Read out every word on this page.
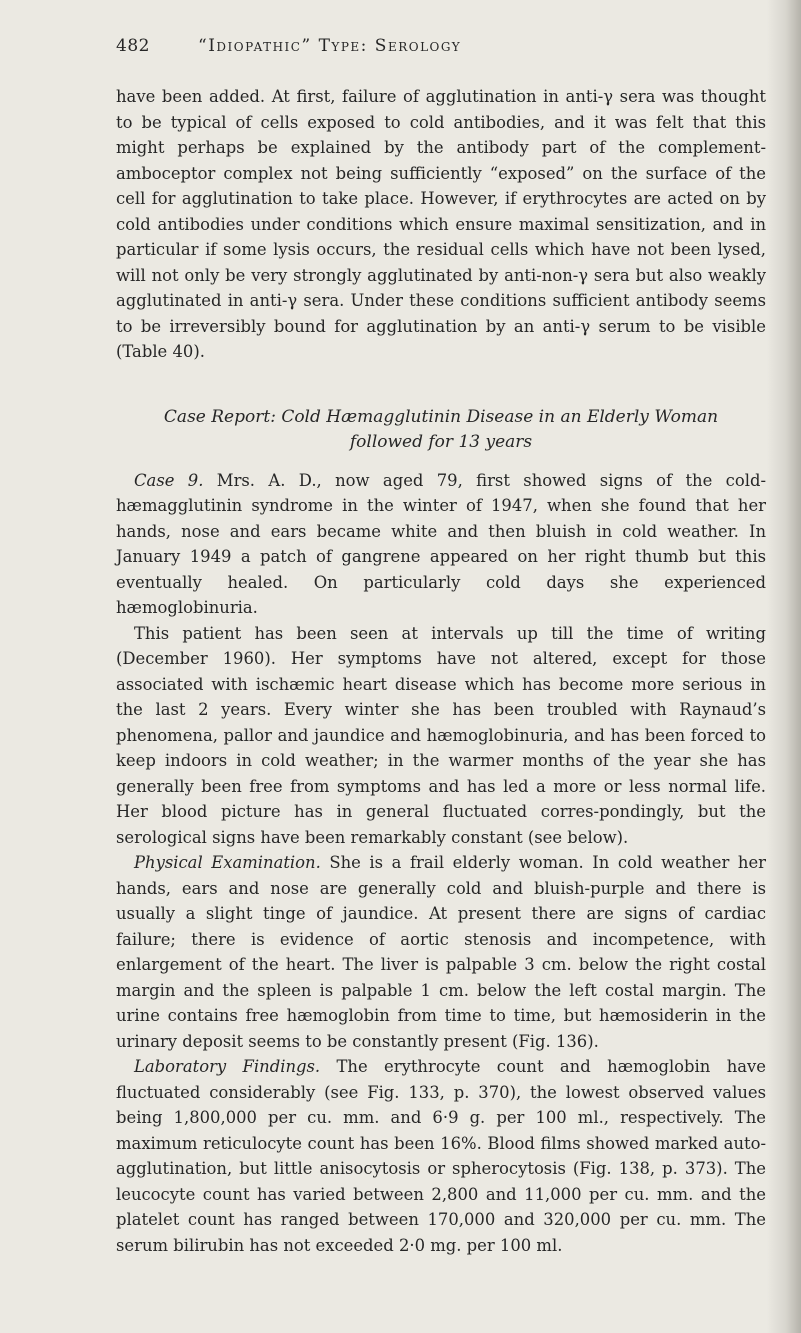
482	“Idiopathic” Type: Serology

have been added. At first, failure of agglutination in anti-γ sera was thought to be typical of cells exposed to cold antibodies, and it was felt that this might perhaps be explained by the antibody part of the complement-amboceptor complex not being sufficiently “exposed” on the surface of the cell for agglutination to take place. However, if erythrocytes are acted on by cold antibodies under conditions which ensure maximal sensitization, and in particular if some lysis occurs, the residual cells which have not been lysed, will not only be very strongly agglutinated by anti-non-γ sera but also weakly agglutinated in anti-γ sera. Under these conditions sufficient antibody seems to be irreversibly bound for agglutination by an anti-γ serum to be visible (Table 40).

Case Report: Cold Hæmagglutinin Disease in an Elderly Woman
followed for 13 years

Case 9. Mrs. A. D., now aged 79, first showed signs of the cold-hæmagglutinin syndrome in the winter of 1947, when she found that her hands, nose and ears became white and then bluish in cold weather. In January 1949 a patch of gangrene appeared on her right thumb but this eventually healed. On particularly cold days she experienced hæmoglobinuria.

This patient has been seen at intervals up till the time of writing (December 1960). Her symptoms have not altered, except for those associated with ischæmic heart disease which has become more serious in the last 2 years. Every winter she has been troubled with Raynaud’s phenomena, pallor and jaundice and hæmoglobinuria, and has been forced to keep indoors in cold weather; in the warmer months of the year she has generally been free from symptoms and has led a more or less normal life. Her blood picture has in general fluctuated corres-pondingly, but the serological signs have been remarkably constant (see below).

Physical Examination. She is a frail elderly woman. In cold weather her hands, ears and nose are generally cold and bluish-purple and there is usually a slight tinge of jaundice. At present there are signs of cardiac failure; there is evidence of aortic stenosis and incompetence, with enlargement of the heart. The liver is palpable 3 cm. below the right costal margin and the spleen is palpable 1 cm. below the left costal margin. The urine contains free hæmoglobin from time to time, but hæmosiderin in the urinary deposit seems to be constantly present (Fig. 136).

Laboratory Findings. The erythrocyte count and hæmoglobin have fluctuated considerably (see Fig. 133, p. 370), the lowest observed values being 1,800,000 per cu. mm. and 6·9 g. per 100 ml., respectively. The maximum reticulocyte count has been 16%. Blood films showed marked auto-agglutination, but little anisocytosis or spherocytosis (Fig. 138, p. 373). The leucocyte count has varied between 2,800 and 11,000 per cu. mm. and the platelet count has ranged between 170,000 and 320,000 per cu. mm. The serum bilirubin has not exceeded 2·0 mg. per 100 ml.
